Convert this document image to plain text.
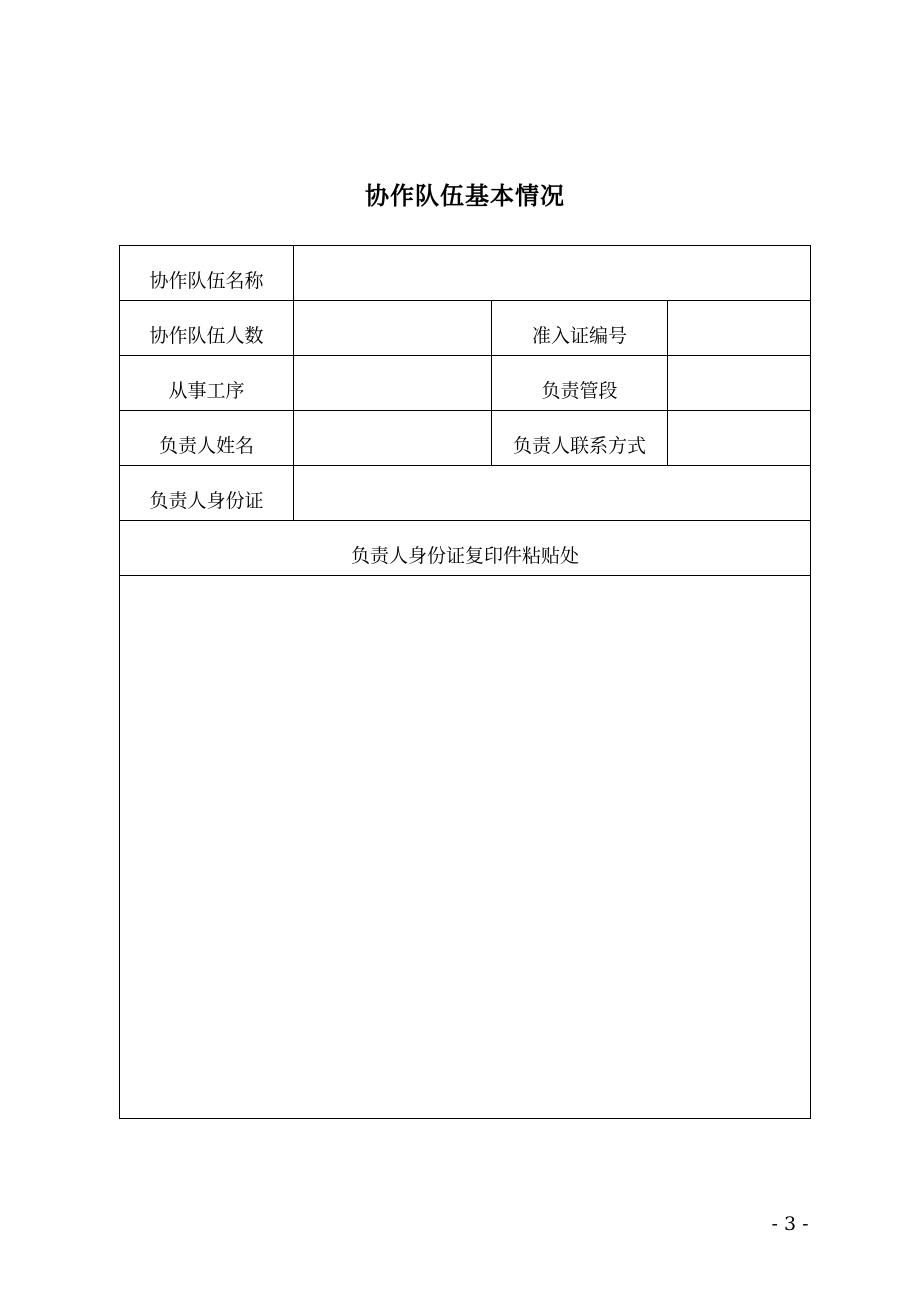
协作队伍基本情况
协作队伍名称			
协作队伍人数		准入证编号	
从事工序		负责管段	
负责人姓名		负责人联系方式	
负责人身份证			
负责人身份证复印件粘贴处			

- 3 -
